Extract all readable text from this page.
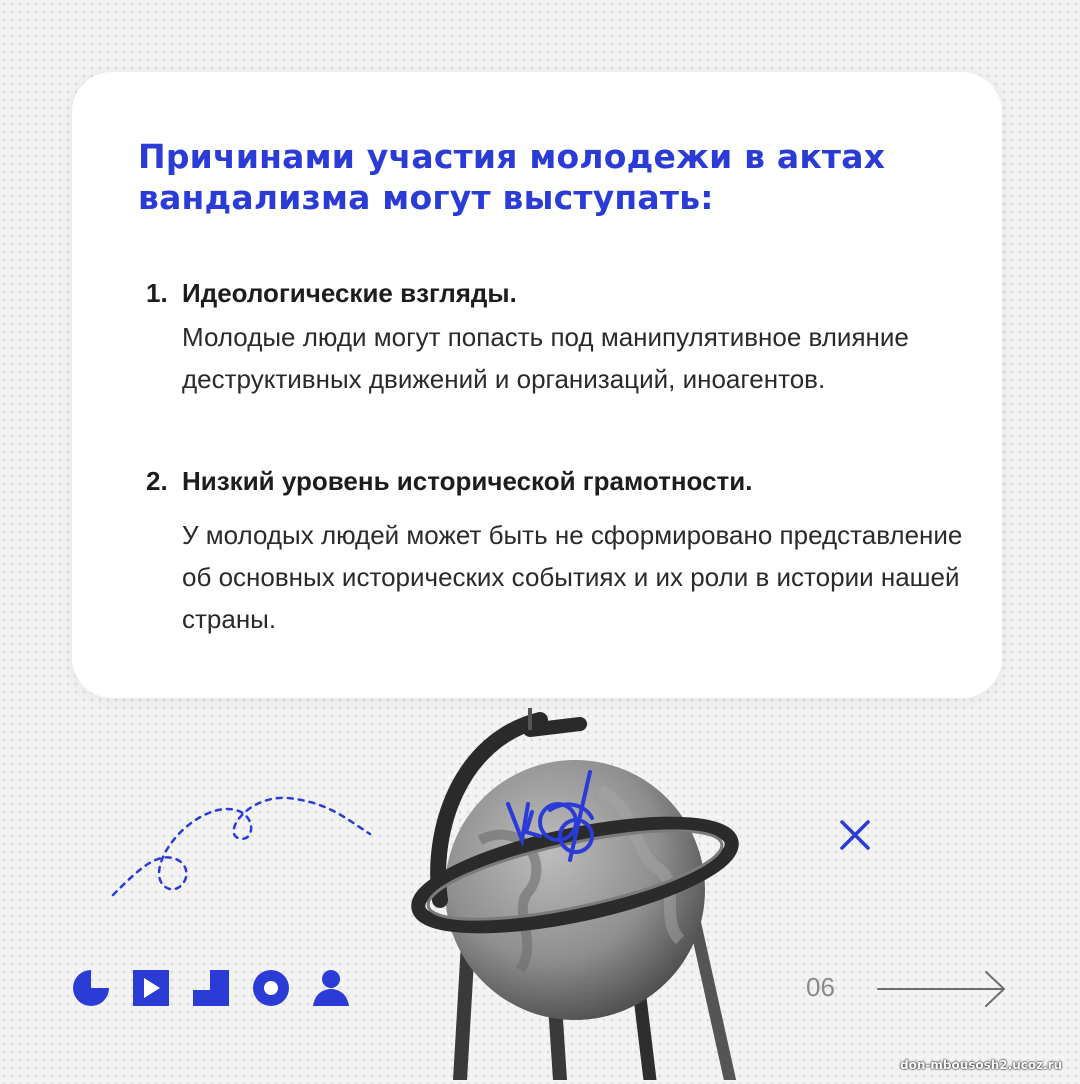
Причинами участия молодежи в актах вандализма могут выступать:

1. Идеологические взгляды.

Молодые люди могут попасть под манипулятивное влияние деструктивных движений и организаций, иноагентов.

2. Низкий уровень исторической грамотности.

У молодых людей может быть не сформировано представление об основных исторических событиях и их роли в истории нашей страны.

06

don-mbousosh2.ucoz.ru
